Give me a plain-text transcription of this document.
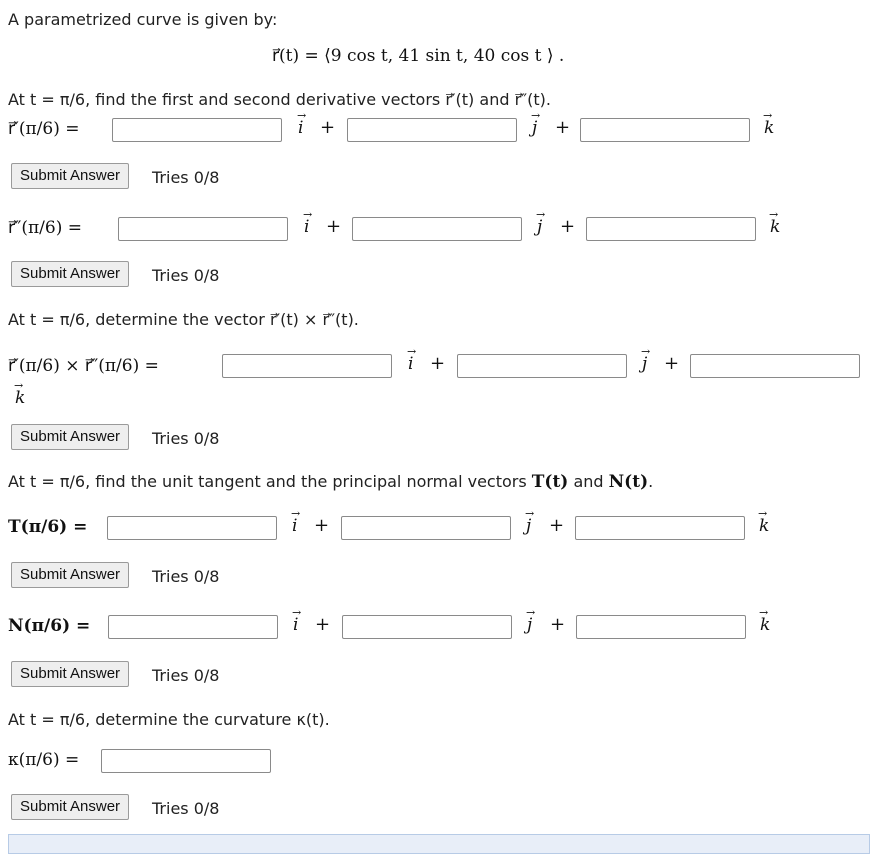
A parametrized curve is given by:
r⃗(t) = ⟨9 cos t, 41 sin t, 40 cos t ⟩ .
At t = π/6, find the first and second derivative vectors r⃗′(t) and r⃗″(t).
r⃗′(π/6) =
→
i +
→
j +
→
k
Submit Answer	Tries 0/8
r⃗″(π/6) =
→
i +
→
j +
→
k
Submit Answer	Tries 0/8
At t = π/6, determine the vector r⃗′(t) × r⃗″(t).
r⃗′(π/6) × r⃗″(π/6) =
→
i +
→
j +
→
k
Submit Answer	Tries 0/8
At t = π/6, find the unit tangent and the principal normal vectors T(t) and N(t).
T(π/6) =
→
i +
→
j +
→
k
Submit Answer	Tries 0/8
N(π/6) =
→
i +
→
j +
→
k
Submit Answer	Tries 0/8
At t = π/6, determine the curvature κ(t).
κ(π/6) =
Submit Answer	Tries 0/8
